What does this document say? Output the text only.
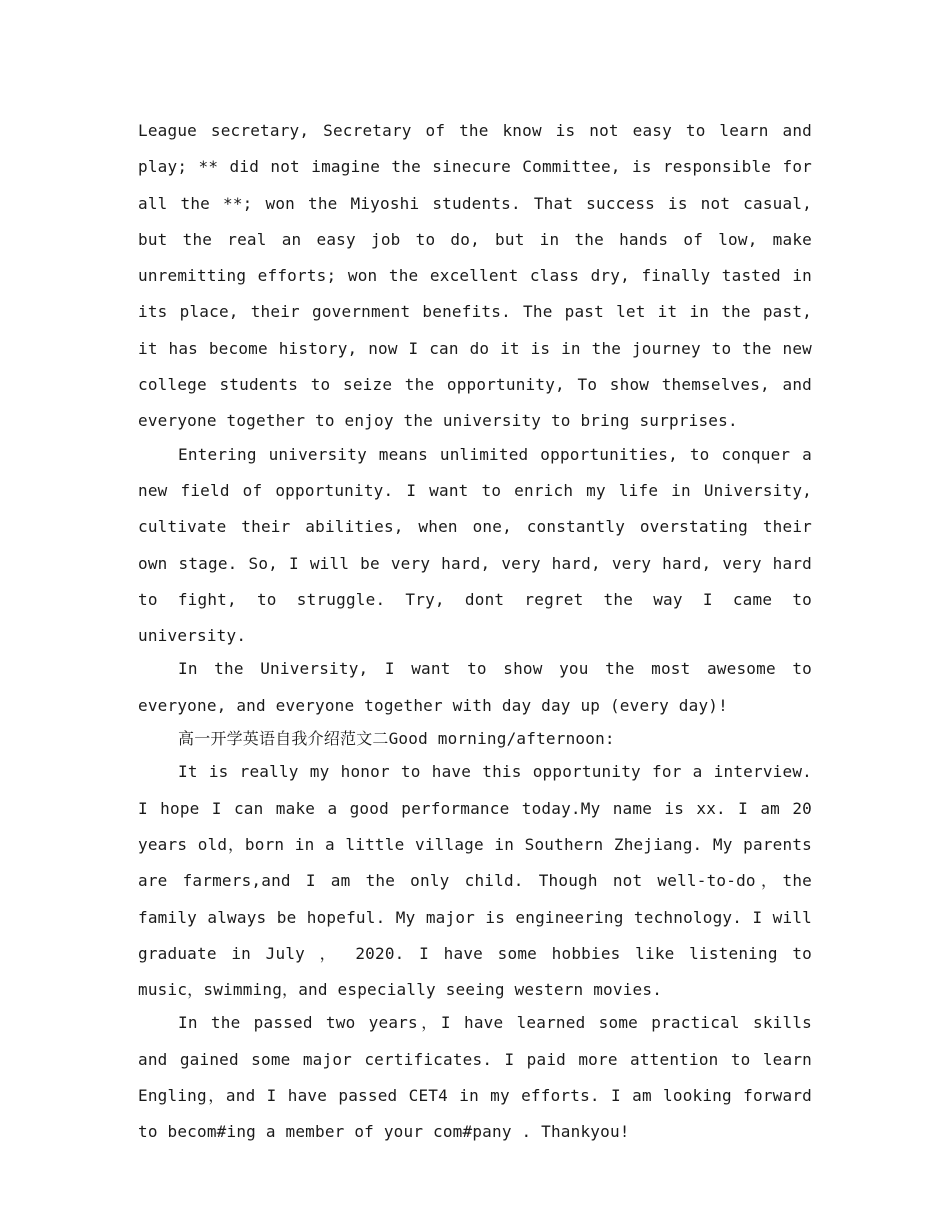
League secretary, Secretary of the know is not easy to learn and play; ** did not imagine the sinecure Committee, is responsible for all the **; won the Miyoshi students. That success is not casual, but the real an easy job to do, but in the hands of low, make unremitting efforts; won the excellent class dry, finally tasted in its place, their government benefits. The past let it in the past, it has become history, now I can do it is in the journey to the new college students to seize the opportunity, To show themselves, and everyone together to enjoy the university to bring surprises.

Entering university means unlimited opportunities, to conquer a new field of opportunity. I want to enrich my life in University, cultivate their abilities, when one, constantly overstating their own stage. So, I will be very hard, very hard, very hard, very hard to fight, to struggle. Try, dont regret the way I came to university.

In the University, I want to show you the most awesome to everyone, and everyone together with day day up (every day)!

高一开学英语自我介绍范文二Good morning/afternoon:

It is really my honor to have this opportunity for a interview. I hope I can make a good performance today.My name is xx. I am 20 years old，born in a little village in Southern Zhejiang. My parents are farmers,and I am the only child. Though not well-to-do，the family always be hopeful. My major is engineering technology. I will graduate in July ， 2020. I have some hobbies like listening to music，swimming，and especially seeing western movies.

In the passed two years，I have learned some practical skills and gained some major certificates. I paid more attention to learn Engling，and I have passed CET4 in my efforts. I am looking forward to becom#ing a member of your com#pany . Thankyou!
